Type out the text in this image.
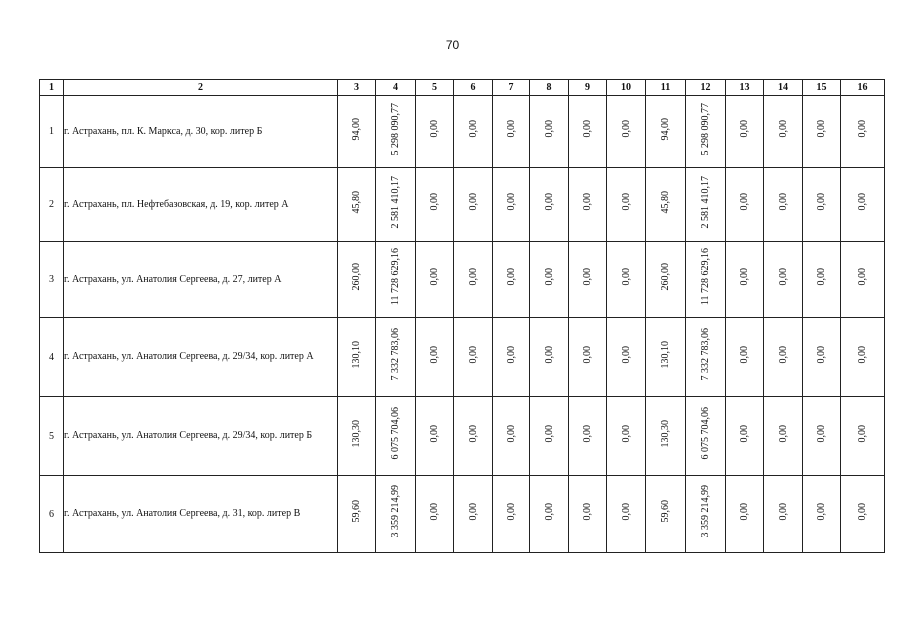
70
1	2	3	4	5	6	7	8	9	10	11	12	13	14	15	16
1	г. Астрахань, пл. К. Маркса, д. 30, кор. литер Б	94,00	5 298 090,77	0,00	0,00	0,00	0,00	0,00	0,00	94,00	5 298 090,77	0,00	0,00	0,00	0,00
2	г. Астрахань, пл. Нефтебазовская, д. 19, кор. литер А	45,80	2 581 410,17	0,00	0,00	0,00	0,00	0,00	0,00	45,80	2 581 410,17	0,00	0,00	0,00	0,00
3	г. Астрахань, ул. Анатолия Сергеева, д. 27, литер А	260,00	11 728 629,16	0,00	0,00	0,00	0,00	0,00	0,00	260,00	11 728 629,16	0,00	0,00	0,00	0,00
4	г. Астрахань, ул. Анатолия Сергеева, д. 29/34, кор. литер А	130,10	7 332 783,06	0,00	0,00	0,00	0,00	0,00	0,00	130,10	7 332 783,06	0,00	0,00	0,00	0,00
5	г. Астрахань, ул. Анатолия Сергеева, д. 29/34, кор. литер Б	130,30	6 075 704,06	0,00	0,00	0,00	0,00	0,00	0,00	130,30	6 075 704,06	0,00	0,00	0,00	0,00
6	г. Астрахань, ул. Анатолия Сергеева, д. 31, кор. литер В	59,60	3 359 214,99	0,00	0,00	0,00	0,00	0,00	0,00	59,60	3 359 214,99	0,00	0,00	0,00	0,00
